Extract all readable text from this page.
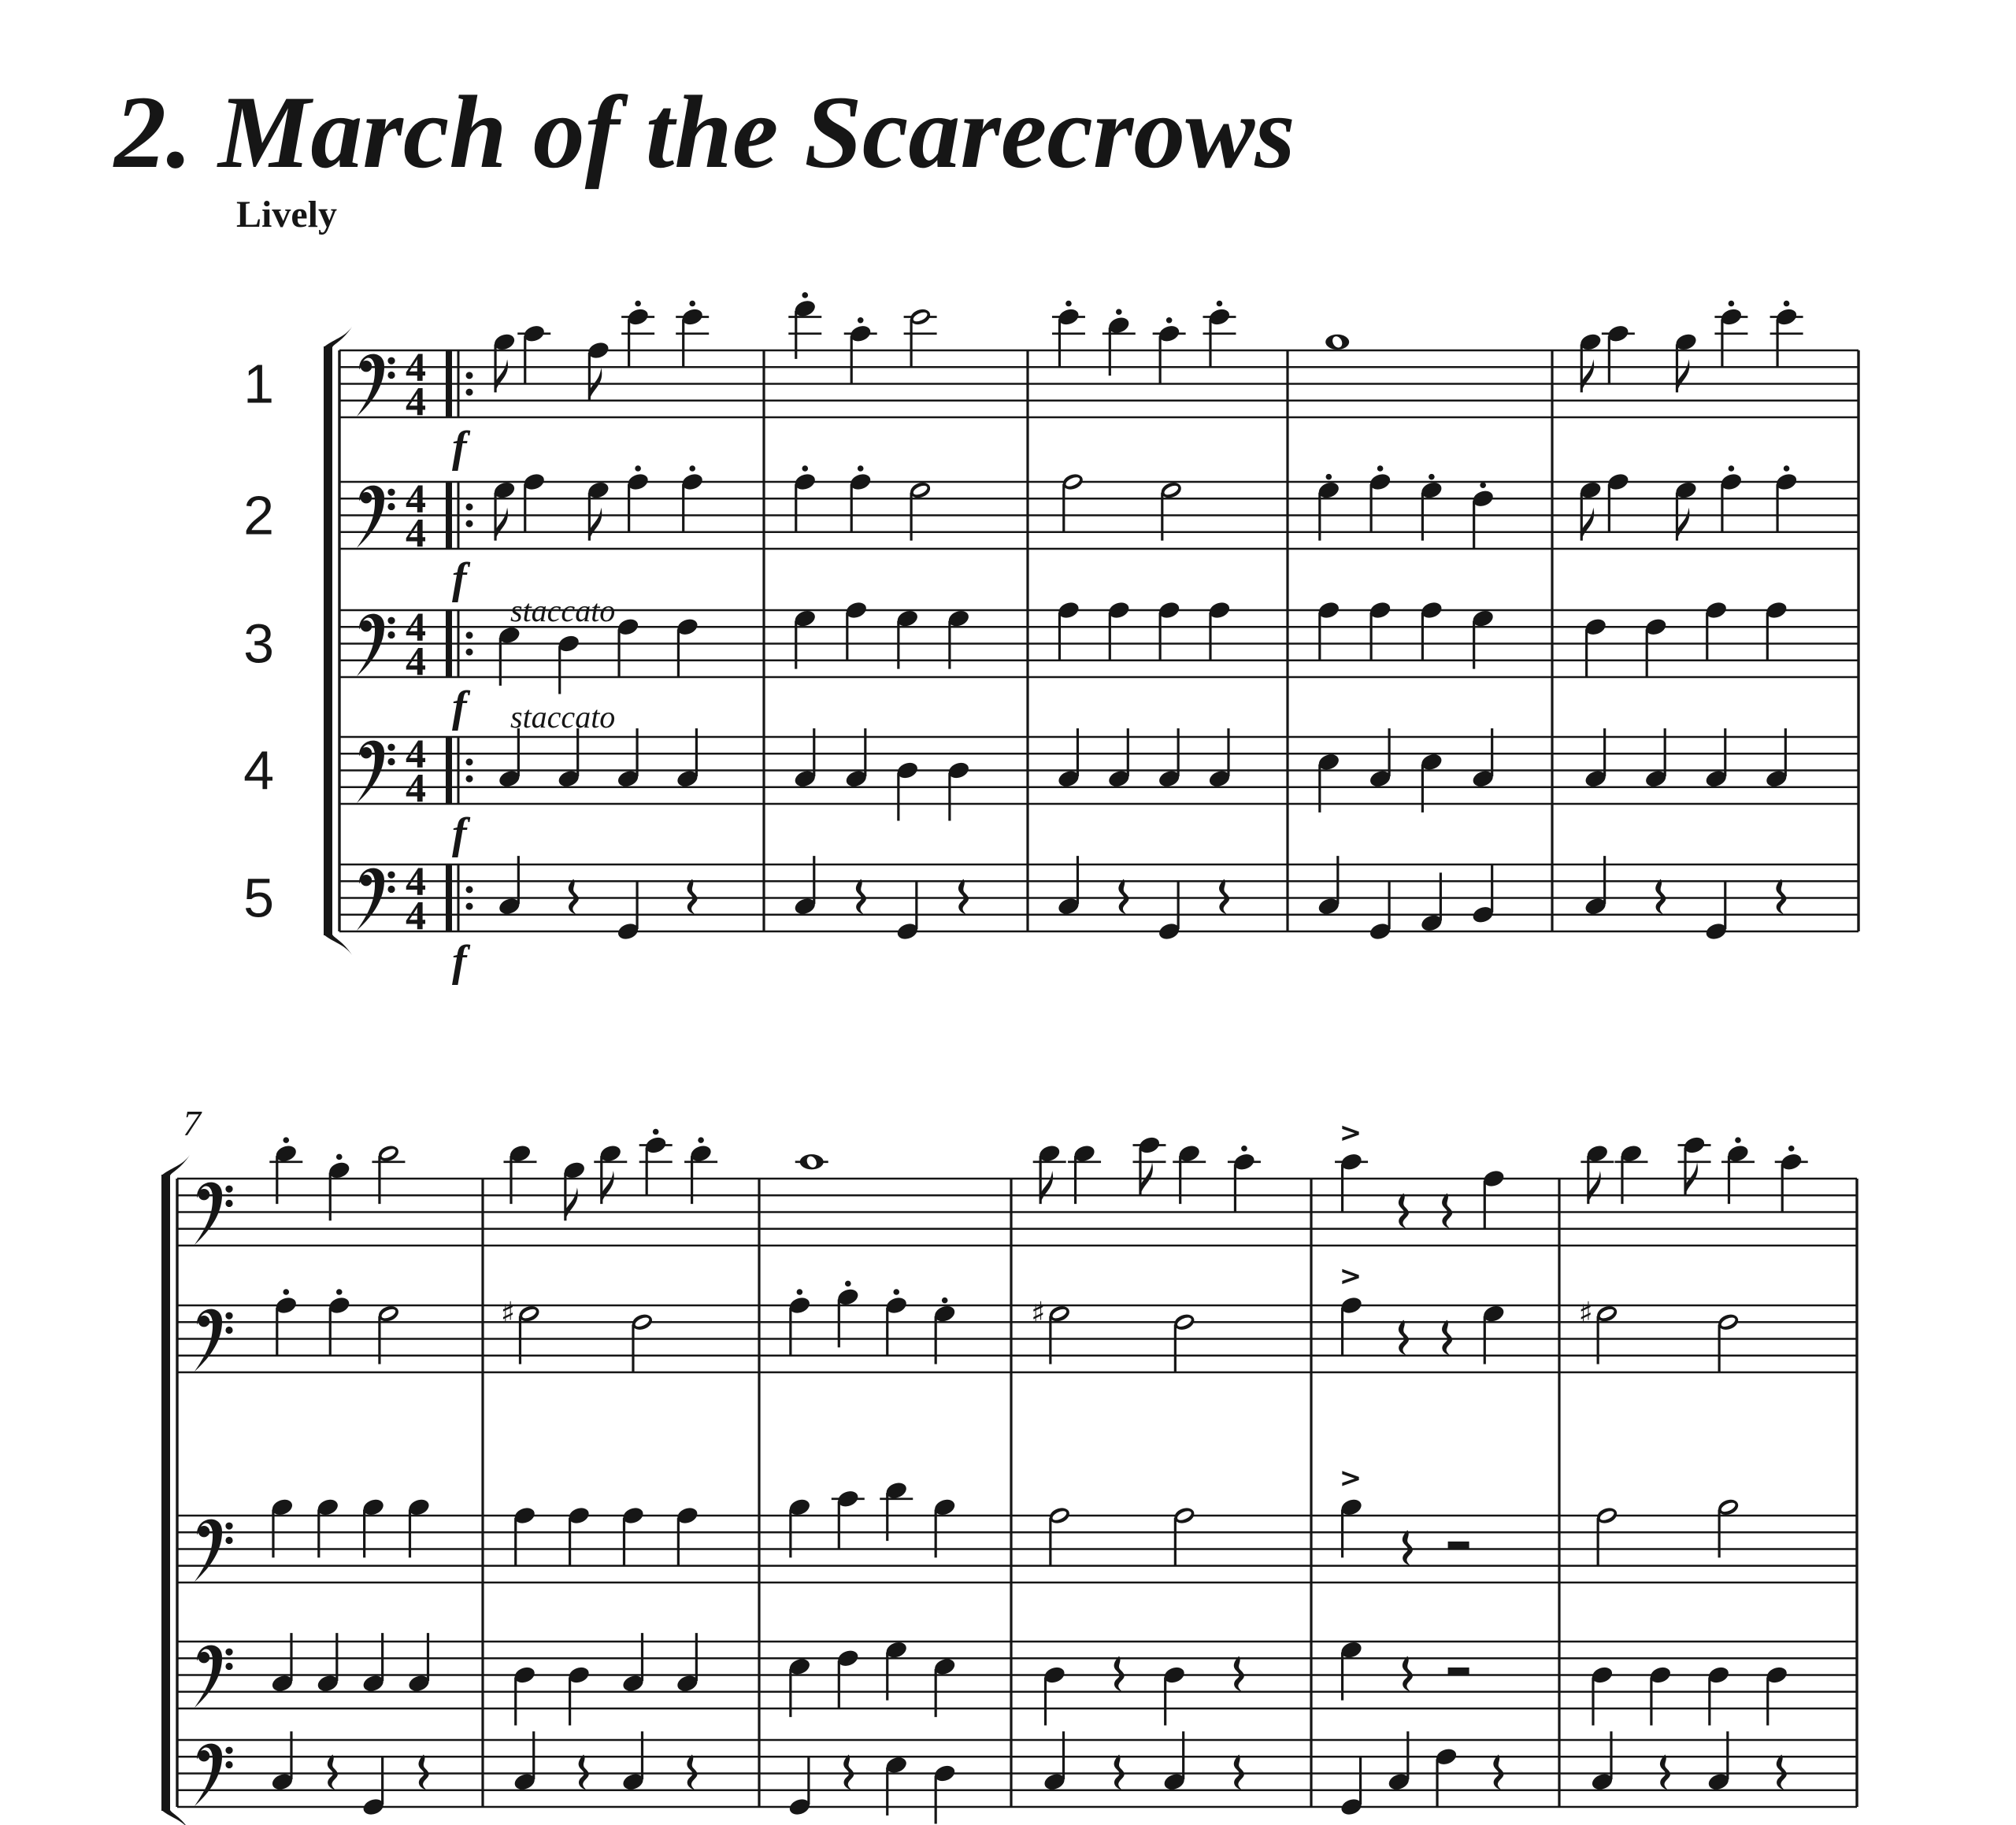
2. March of the Scarecrows
Lively
7
4
4
1
f
4
4
2
f
staccato
4
4
3
f staccato
4
4
4
f
4
4
5
f
>
♯	♯
>
♯
>
